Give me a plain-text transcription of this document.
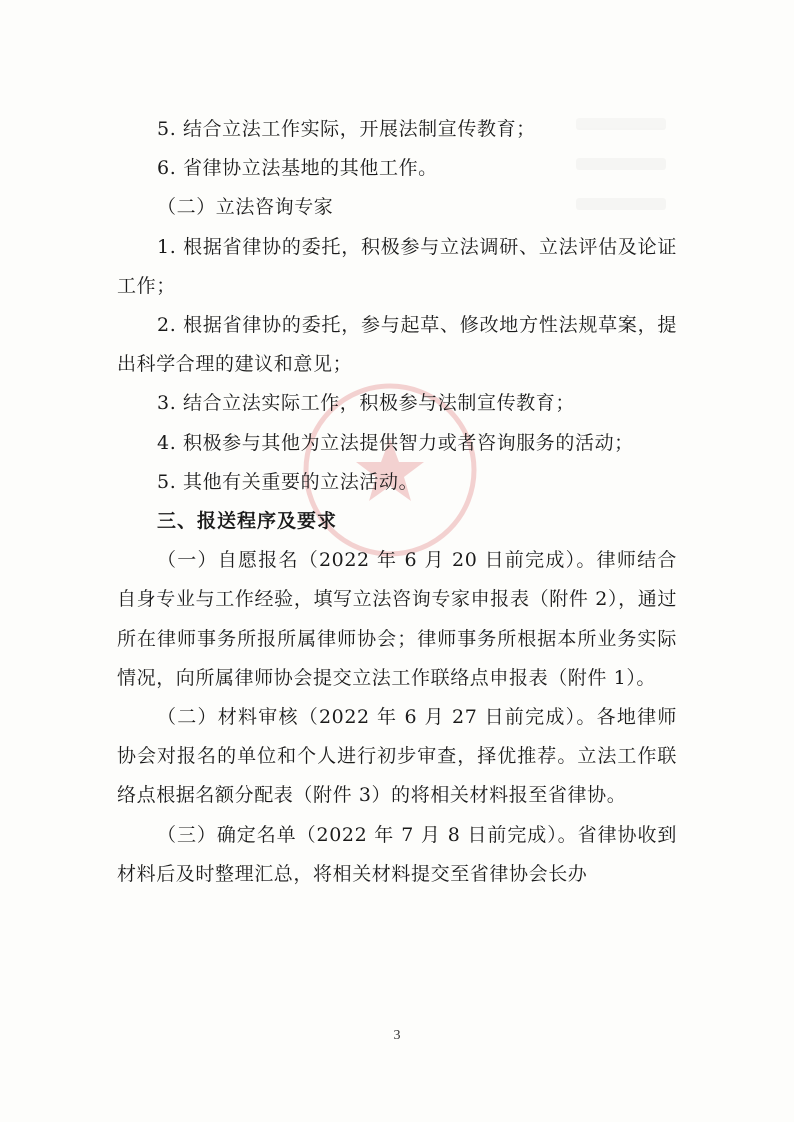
5. 结合立法工作实际，开展法制宣传教育；

6. 省律协立法基地的其他工作。

（二）立法咨询专家

1. 根据省律协的委托，积极参与立法调研、立法评估及论证工作；

2. 根据省律协的委托，参与起草、修改地方性法规草案，提出科学合理的建议和意见；

3. 结合立法实际工作，积极参与法制宣传教育；

4. 积极参与其他为立法提供智力或者咨询服务的活动；

5. 其他有关重要的立法活动。

三、报送程序及要求

（一）自愿报名（2022 年 6 月 20 日前完成）。律师结合自身专业与工作经验，填写立法咨询专家申报表（附件 2），通过所在律师事务所报所属律师协会；律师事务所根据本所业务实际情况，向所属律师协会提交立法工作联络点申报表（附件 1）。

（二）材料审核（2022 年 6 月 27 日前完成）。各地律师协会对报名的单位和个人进行初步审查，择优推荐。立法工作联络点根据名额分配表（附件 3）的将相关材料报至省律协。

（三）确定名单（2022 年 7 月 8 日前完成）。省律协收到材料后及时整理汇总，将相关材料提交至省律协会长办

3
